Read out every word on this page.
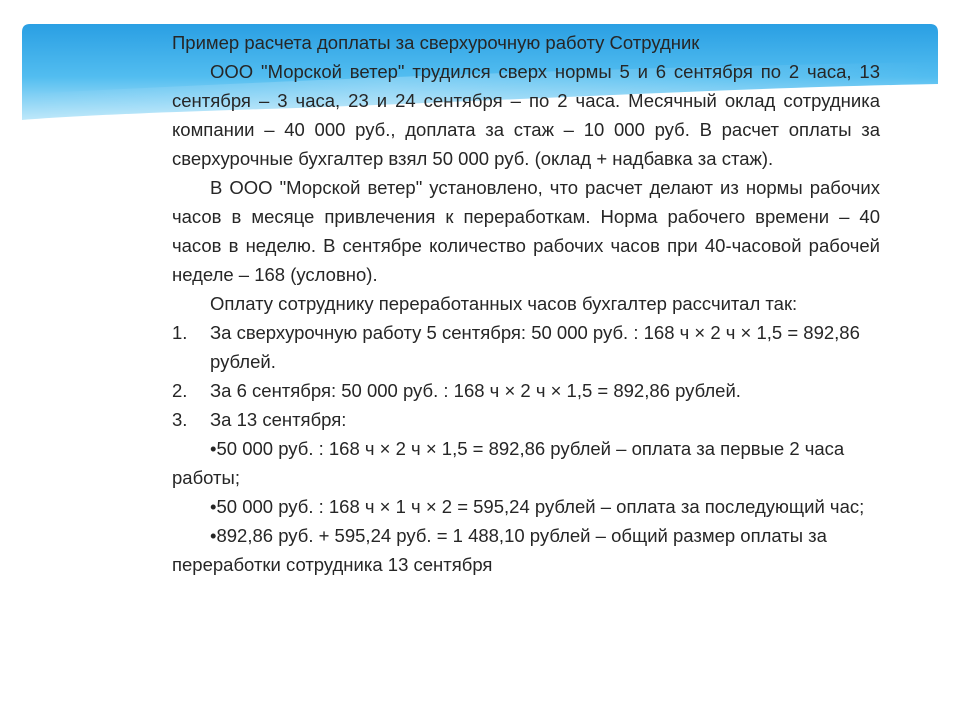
Пример расчета доплаты за сверхурочную работу Сотрудник

ООО "Морской ветер" трудился сверх нормы 5 и 6 сентября по 2 часа, 13 сентября – 3 часа, 23 и 24 сентября – по 2 часа. Месячный оклад сотрудника компании – 40 000 руб., доплата за стаж – 10 000 руб. В расчет оплаты за сверхурочные бухгалтер взял 50 000 руб. (оклад + надбавка за стаж).

В ООО "Морской ветер" установлено, что расчет делают из нормы рабочих часов в месяце привлечения к переработкам. Норма рабочего времени – 40 часов в неделю. В сентябре количество рабочих часов при 40-часовой рабочей неделе – 168 (условно).

Оплату сотруднику переработанных часов бухгалтер рассчитал так:

1. За сверхурочную работу 5 сентября: 50 000 руб. : 168 ч × 2 ч × 1,5 = 892,86 рублей.

2. За 6 сентября: 50 000 руб. : 168 ч × 2 ч × 1,5 = 892,86 рублей.

3. За 13 сентября:

•50 000 руб. : 168 ч × 2 ч × 1,5 = 892,86 рублей – оплата за первые 2 часа работы;

•50 000 руб. : 168 ч × 1 ч × 2 = 595,24 рублей – оплата за последующий час;

•892,86 руб. + 595,24 руб. = 1 488,10 рублей – общий размер оплаты за переработки сотрудника 13 сентября
